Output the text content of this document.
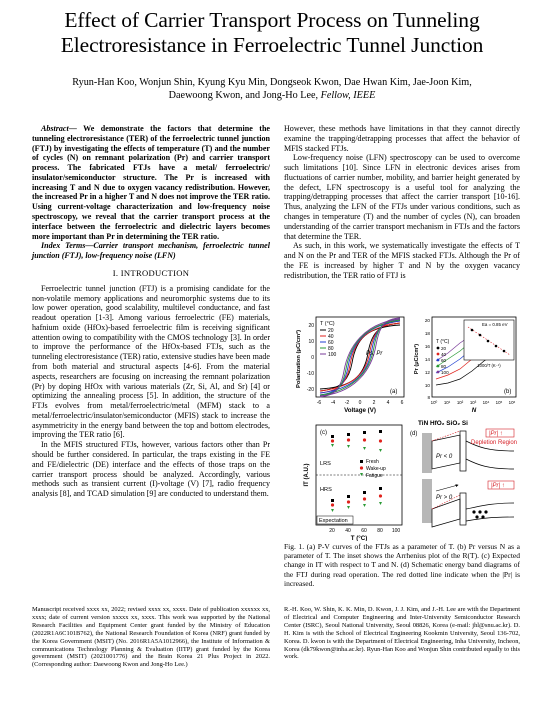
Effect of Carrier Transport Process on Tunneling Electroresistance in Ferroelectric Tunnel Junction
Ryun-Han Koo, Wonjun Shin, Kyung Kyu Min, Dongseok Kwon, Dae Hwan Kim, Jae-Joon Kim,
Daewoong Kwon, and Jong-Ho Lee, Fellow, IEEE

Abstract— We demonstrate the factors that determine the tunneling electroresistance (TER) of the ferroelectric tunnel junction (FTJ) by investigating the effects of temperature (T) and the number of cycles (N) on remnant polarization (Pr) and carrier transport process. The fabricated FTJs have a metal/ ferroelectric/ insulator/semiconductor structure. The Pr is increased with increasing T and N due to oxygen vacancy redistribution. However, the increased Pr in a higher T and N does not improve the TER ratio. Using current-voltage characterization and low-frequency noise spectroscopy, we reveal that the carrier transport process at the interface between the ferroelectric and dielectric layers becomes more important than Pr in determining the TER ratio.

Index Terms—Carrier transport mechanism, ferroelectric tunnel junction (FTJ), low-frequency noise (LFN)

I. INTRODUCTION

Ferroelectric tunnel junction (FTJ) is a promising candidate for the non-volatile memory applications and neuromorphic systems due to its low power operation, good scalability, multilevel conductance, and fast readout operation [1-3]. Among various ferroelectric (FE) materials, hafnium oxide (HfOx)-based ferroelectric film is receiving significant attention owing to compatibility with the CMOS technology [3]. In order to improve the performance of the HfOx-based FTJs, such as the tunneling electroresistance (TER) ratio, extensive studies have been made from both material and structural aspects [4-6]. From the material aspects, researchers are focusing on increasing the remnant polarization (Pr) by doping HfOx with various materials (Zr, Si, Al, and Sr) [4] or optimizing the annealing process [5]. In addition, the structure of the FTJs evolves from metal/ferroelectric/metal (MFM) stack to a metal/ferroelectric/insulator/semiconductor (MFIS) stack to increase the asymmetricity in the energy band between the top and bottom electrodes, improving the TER ratio [6].

In the MFIS structured FTJs, however, various factors other than Pr should be further considered. In particular, the traps existing in the FE and FE/dielectric (DE) interface and the effects of those traps on the carrier transport process should be analyzed. Accordingly, various methods such as transient current (I)-voltage (V) [7], radio frequency analysis [8], and TCAD simulation [9] are conducted to understand them.

However, these methods have limitations in that they cannot directly examine the trapping/detrapping processes that affect the behavior of MFIS stacked FTJs.

Low-frequency noise (LFN) spectroscopy can be used to overcome such limitations [10]. Since LFN in electronic devices arises from fluctuations of carrier number, mobility, and barrier height generated by the defect, LFN spectroscopy is a useful tool for analyzing the trapping/detrapping processes that affect the carrier transport [10-16]. Thus, analyzing the LFN of the FTJs under various conditions, such as changes in temperature (T) and the number of cycles (N), can broaden understanding of the carrier transport mechanism in FTJs and the factors that determine the TER.

As such, in this work, we systematically investigate the effects of T and N on the Pr and TER of the MFIS stacked FTJs. Although the Pr of the FE is increased by higher T and N by the oxygen vacancy redistribution, the TER ratio of FTJ is

T (°C)
20
40
60
80
100	Ps, Pr
(a)
20
10
0
-10
-20
-6 -4 -2 0 2 4 6
Voltage (V)
Polarization (μC/cm²)	T (°C)
20
40
60
80
100
Ea = 0.85 eV
1000/T (K⁻¹)
(b)
20
18
16
14
12
10
8
10⁰ 10¹ 10² 10³ 10⁴ 10⁵ 10⁶
N
Pr (μC/cm²)
(c)
LRS
HRS
Fresh
Wake-up
Fatigue
Expectation
20 40 60 80 100
T (°C)
IT (A.U.)
TiN HfO₂ SiO₂ Si
(d)
Pr < 0
|Pr| ↑
Depletion Region
Pr > 0
|Pr| ↑
Fig. 1. (a) P-V curves of the FTJs as a parameter of T. (b) Pr versus N as a parameter of T. The inset shows the Arrhenius plot of the R(T). (c) Expected change in IT with respect to T and N. (d) Schematic energy band diagrams of the FTJ during read operation. The red dotted line indicate when the |Pr| is increased.
Manuscript received xxxx xx, 2022; revised xxxx xx, xxxx. Date of publication xxxxxx xx, xxxx; date of current version xxxxx xx, xxxx. This work was supported by the National Research Facilities and Equipment Center grant funded by the Ministry of Education (2022R1A6C101B762), the National Research Foundation of Korea (NRF) grant funded by the Korea Government (MSIT) (No. 2016R1A5A1012966), the Institute of Information & communications Technology Planning & Evaluation (IITP) grant funded by the Korea government (MSIT) (2021001776) and the Brain Korea 21 Plus Project in 2022. (Corresponding author: Daewoong Kwon and Jong-Ho Lee.)
R.-H. Koo, W. Shin, K. K. Min, D. Kwon, J. J. Kim, and J.-H. Lee are with the Department of Electrical and Computer Engineering and Inter-University Semiconductor Research Center (ISRC), Seoul National University, Seoul 08826, Korea (e-mail: jhl@snu.ac.kr). D. H. Kim is with the School of Electrical Engineering Kookmin University, Seoul 136-702, Korea. D. kwon is with the Department of Electrical Engineering, Inha University, Incheon, Korea (dk79kwon@inha.ac.kr). Ryun-Han Koo and Wonjun Shin contributed equally to this work.
